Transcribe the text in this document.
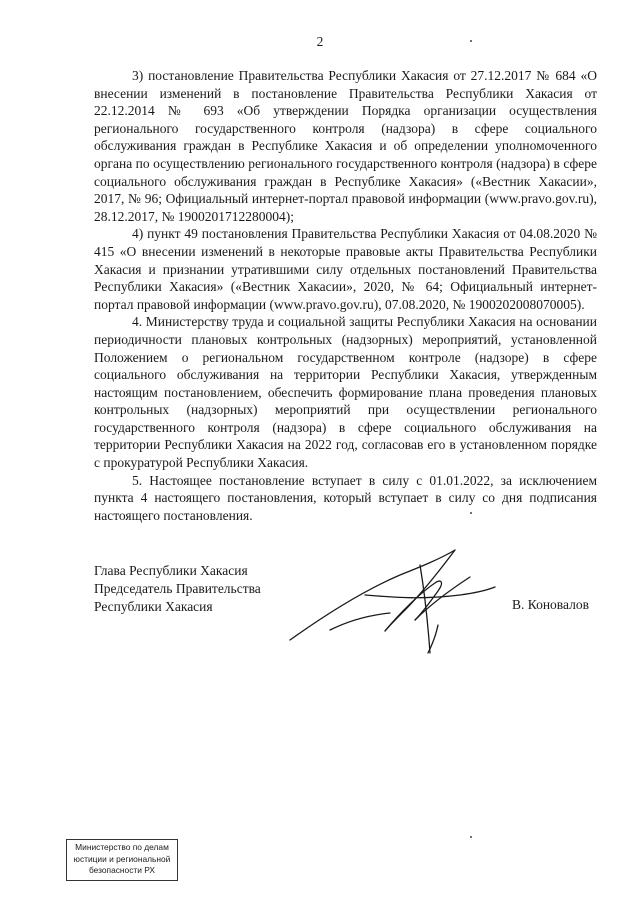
2

3) постановление Правительства Республики Хакасия от 27.12.2017 № 684 «О внесении изменений в постановление Правительства Республики Хакасия от 22.12.2014 № 693 «Об утверждении Порядка организации осуществления регионального государственного контроля (надзора) в сфере социального обслуживания граждан в Республике Хакасия и об определении уполномоченного органа по осуществлению регионального государственного контроля (надзора) в сфере социального обслуживания граждан в Республике Хакасия» («Вестник Хакасии», 2017, № 96; Официальный интернет-портал правовой информации (www.pravo.gov.ru), 28.12.2017, № 1900201712280004);

4) пункт 49 постановления Правительства Республики Хакасия от 04.08.2020 № 415 «О внесении изменений в некоторые правовые акты Правительства Республики Хакасия и признании утратившими силу отдельных постановлений Правительства Республики Хакасия» («Вестник Хакасии», 2020, № 64; Официальный интернет-портал правовой информации (www.pravo.gov.ru), 07.08.2020, № 1900202008070005).

4. Министерству труда и социальной защиты Республики Хакасия на основании периодичности плановых контрольных (надзорных) мероприятий, установленной Положением о региональном государственном контроле (надзоре) в сфере социального обслуживания на территории Республики Хакасия, утвержденным настоящим постановлением, обеспечить формирование плана проведения плановых контрольных (надзорных) мероприятий при осуществлении регионального государственного контроля (надзора) в сфере социального обслуживания на территории Республики Хакасия на 2022 год, согласовав его в установленном порядке с прокуратурой Республики Хакасия.

5. Настоящее постановление вступает в силу с 01.01.2022, за исключением пункта 4 настоящего постановления, который вступает в силу со дня подписания настоящего постановления.

Глава Республики Хакасия
Председатель Правительства
Республики Хакасия	В. Коновалов
Министерство по делам
юстиции и региональной
безопасности РХ
